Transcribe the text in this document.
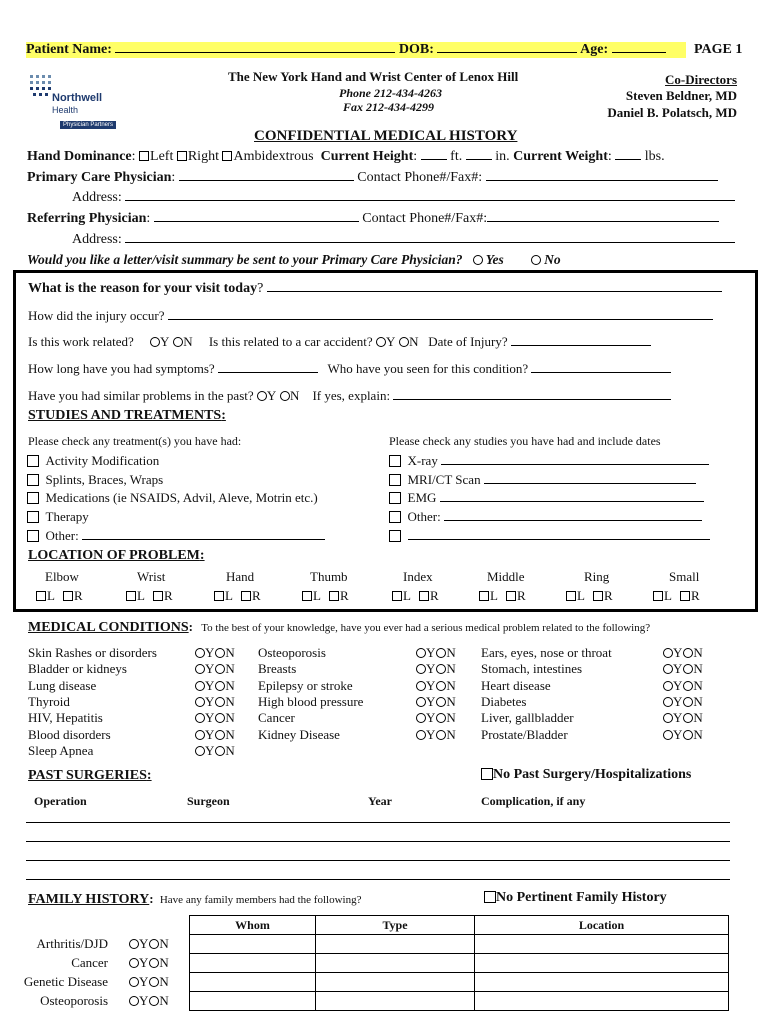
Patient Name:	DOB:	Age:	PAGE 1
Northwell
Health
Physician Partners
The New York Hand and Wrist Center of Lenox Hill
Phone 212-434-4263
Fax 212-434-4299
Co-Directors
Steven Beldner, MD
Daniel B. Polatsch, MD
CONFIDENTIAL MEDICAL HISTORY
Hand Dominance: Left Right Ambidextrous Current Height:  ft. in. Current Weight:  lbs.
Primary Care Physician:	Contact Phone#/Fax#:
Address:
Referring Physician:	Contact Phone#/Fax#:
Address:
Would you like a letter/visit summary be sent to your Primary Care Physician? Yes	No
What is the reason for your visit today?
How did the injury occur?
Is this work related? Y N Is this related to a car accident? Y N Date of Injury?
How long have you had symptoms?	Who have you seen for this condition?
Have you had similar problems in the past? Y N If yes, explain:
STUDIES AND TREATMENTS:
Please check any treatment(s) you have had:	Please check any studies you have had and include dates
Activity Modification
Splints, Braces, Wraps
Medications (ie NSAIDS, Advil, Aleve, Motrin etc.)
Therapy
Other:
X-ray
MRI/CT Scan
EMG
Other:

LOCATION OF PROBLEM:
Elbow
L R
Wrist
L R
Hand
L R
Thumb
L R
Index
L R
Middle
L R
Ring
L R
Small
L R
MEDICAL CONDITIONS: To the best of your knowledge, have you ever had a serious medical problem related to the following?
Skin Rashes or disorders	Y N
Bladder or kidneys	Y N
Lung disease	Y N
Thyroid	Y N
HIV, Hepatitis	Y N
Blood disorders	Y N
Sleep Apnea	Y N
Osteoporosis	Y N
Breasts	Y N
Epilepsy or stroke	Y N
High blood pressure	Y N
Cancer	Y N
Kidney Disease	Y N
Ears, eyes, nose or throat	Y N
Stomach, intestines	Y N
Heart disease	Y N
Diabetes	Y N
Liver, gallbladder	Y N
Prostate/Bladder	Y N
PAST SURGERIES:	No Past Surgery/Hospitalizations
Operation	Surgeon	Year	Complication, if any
FAMILY HISTORY: Have any family members had the following?	No Pertinent Family History
Whom	Type	Location

Arthritis/DJD	Y N
Cancer	Y N
Genetic Disease	Y N
Osteoporosis	Y N
